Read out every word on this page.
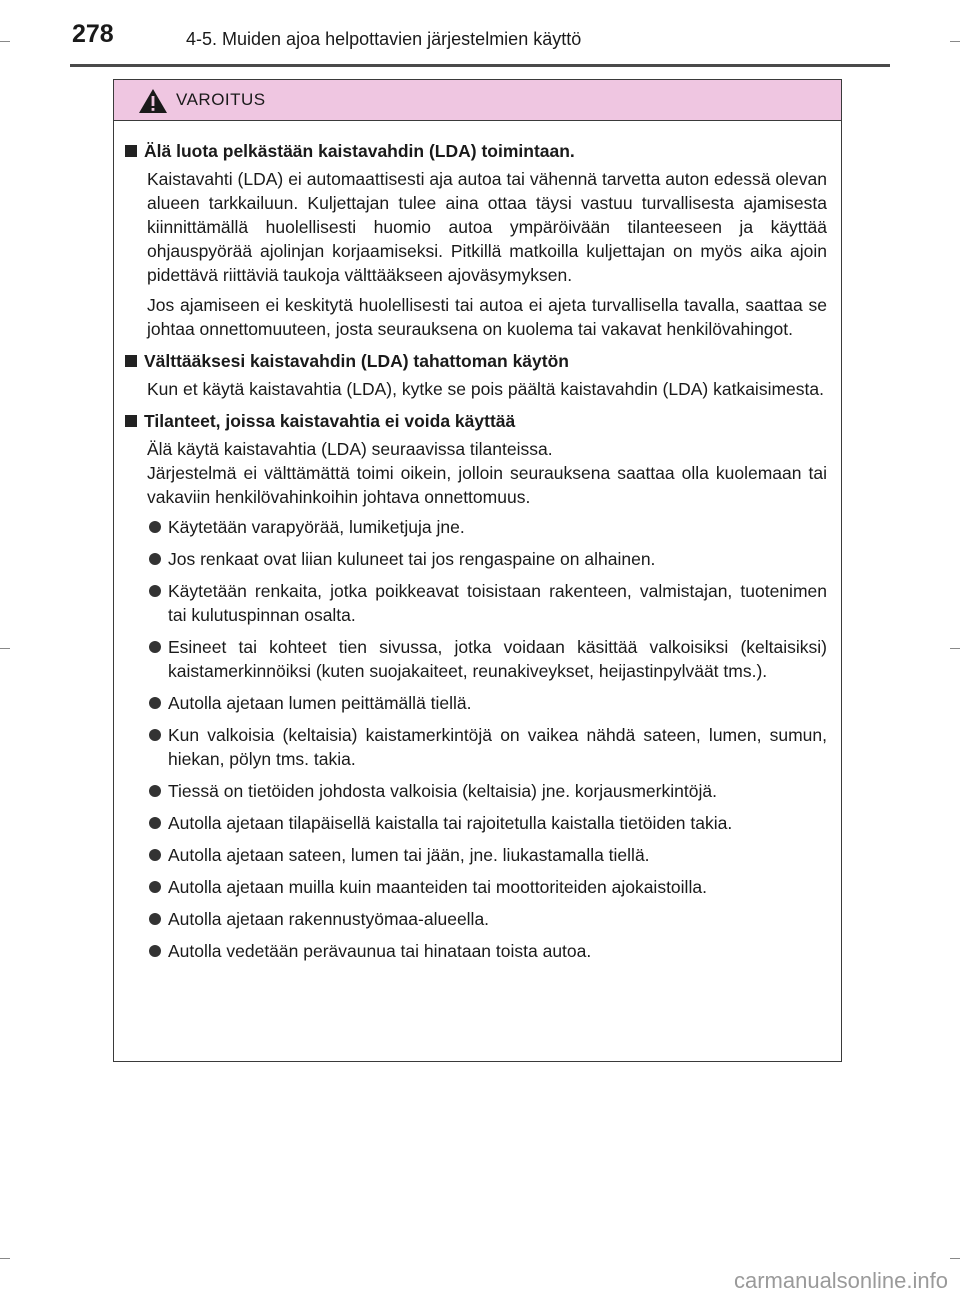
278	4-5. Muiden ajoa helpottavien järjestelmien käyttö
VAROITUS
Älä luota pelkästään kaistavahdin (LDA) toimintaan.

Kaistavahti (LDA) ei automaattisesti aja autoa tai vähennä tarvetta auton edessä olevan alueen tarkkailuun. Kuljettajan tulee aina ottaa täysi vastuu turvallisesta ajamisesta kiinnittämällä huolellisesti huomio autoa ympäröivään tilanteeseen ja käyttää ohjauspyörää ajolinjan korjaamiseksi. Pitkillä matkoilla kuljettajan on myös aika ajoin pidettävä riittäviä taukoja välttääkseen ajoväsymyksen.

Jos ajamiseen ei keskitytä huolellisesti tai autoa ei ajeta turvallisella tavalla, saattaa se johtaa onnettomuuteen, josta seurauksena on kuolema tai vakavat henkilövahingot.

Välttääksesi kaistavahdin (LDA) tahattoman käytön

Kun et käytä kaistavahtia (LDA), kytke se pois päältä kaistavahdin (LDA) katkaisimesta.

Tilanteet, joissa kaistavahtia ei voida käyttää

Älä käytä kaistavahtia (LDA) seuraavissa tilanteissa.

Järjestelmä ei välttämättä toimi oikein, jolloin seurauksena saattaa olla kuolemaan tai vakaviin henkilövahinkoihin johtava onnettomuus.

Käytetään varapyörää, lumiketjuja jne.
Jos renkaat ovat liian kuluneet tai jos rengaspaine on alhainen.
Käytetään renkaita, jotka poikkeavat toisistaan rakenteen, valmistajan, tuotenimen tai kulutuspinnan osalta.
Esineet tai kohteet tien sivussa, jotka voidaan käsittää valkoisiksi (keltaisiksi) kaistamerkinnöiksi (kuten suojakaiteet, reunakiveykset, heijastinpylväät tms.).
Autolla ajetaan lumen peittämällä tiellä.
Kun valkoisia (keltaisia) kaistamerkintöjä on vaikea nähdä sateen, lumen, sumun, hiekan, pölyn tms. takia.
Tiessä on tietöiden johdosta valkoisia (keltaisia) jne. korjausmerkintöjä.
Autolla ajetaan tilapäisellä kaistalla tai rajoitetulla kaistalla tietöiden takia.
Autolla ajetaan sateen, lumen tai jään, jne. liukastamalla tiellä.
Autolla ajetaan muilla kuin maanteiden tai moottoriteiden ajokaistoilla.
Autolla ajetaan rakennustyömaa-alueella.
Autolla vedetään perävaunua tai hinataan toista autoa.
carmanualsonline.info
